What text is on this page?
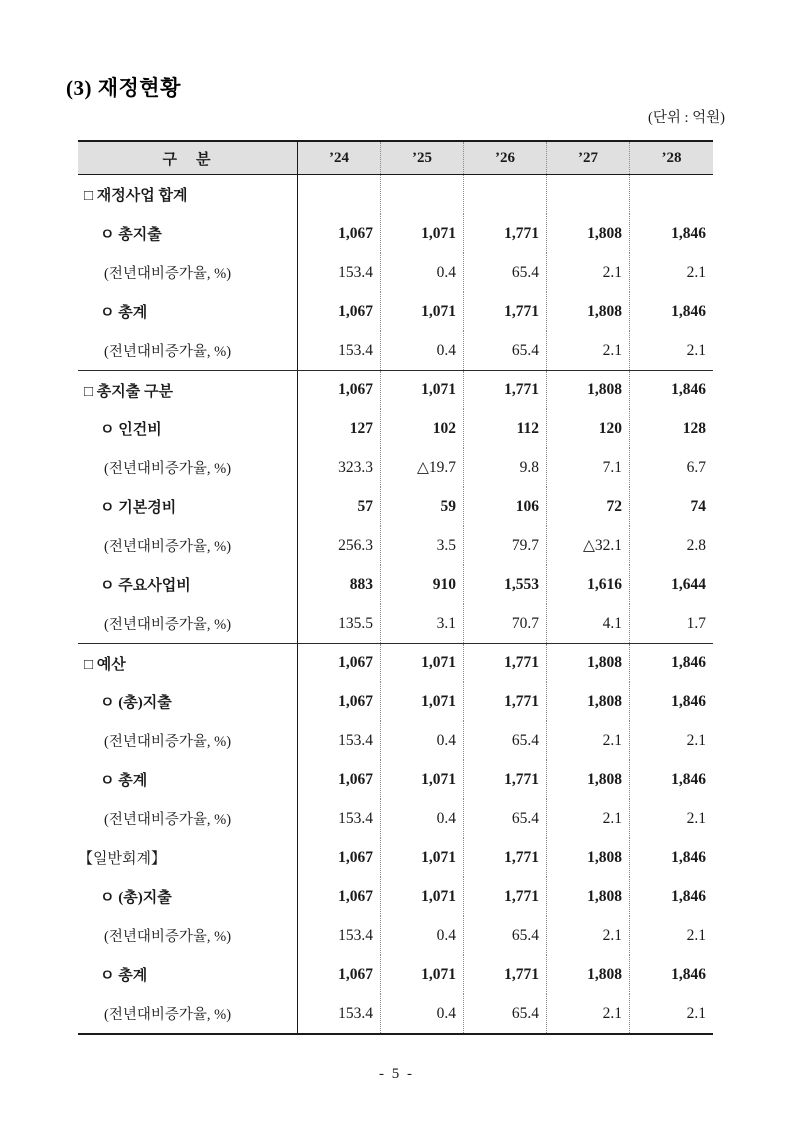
(3) 재정현황
(단위 : 억원)
구　분	’24	’25	’26	’27	’28
□ 재정사업 합계
ㅇ 총지출	1,067	1,071	1,771	1,808	1,846
(전년대비증가율, %)	153.4	0.4	65.4	2.1	2.1
ㅇ 총계	1,067	1,071	1,771	1,808	1,846
(전년대비증가율, %)	153.4	0.4	65.4	2.1	2.1
□ 총지출 구분	1,067	1,071	1,771	1,808	1,846
ㅇ 인건비	127	102	112	120	128
(전년대비증가율, %)	323.3	△19.7	9.8	7.1	6.7
ㅇ 기본경비	57	59	106	72	74
(전년대비증가율, %)	256.3	3.5	79.7	△32.1	2.8
ㅇ 주요사업비	883	910	1,553	1,616	1,644
(전년대비증가율, %)	135.5	3.1	70.7	4.1	1.7
□ 예산	1,067	1,071	1,771	1,808	1,846
ㅇ (총)지출	1,067	1,071	1,771	1,808	1,846
(전년대비증가율, %)	153.4	0.4	65.4	2.1	2.1
ㅇ 총계	1,067	1,071	1,771	1,808	1,846
(전년대비증가율, %)	153.4	0.4	65.4	2.1	2.1
【일반회계】	1,067	1,071	1,771	1,808	1,846
ㅇ (총)지출	1,067	1,071	1,771	1,808	1,846
(전년대비증가율, %)	153.4	0.4	65.4	2.1	2.1
ㅇ 총계	1,067	1,071	1,771	1,808	1,846
(전년대비증가율, %)	153.4	0.4	65.4	2.1	2.1
- 5 -
